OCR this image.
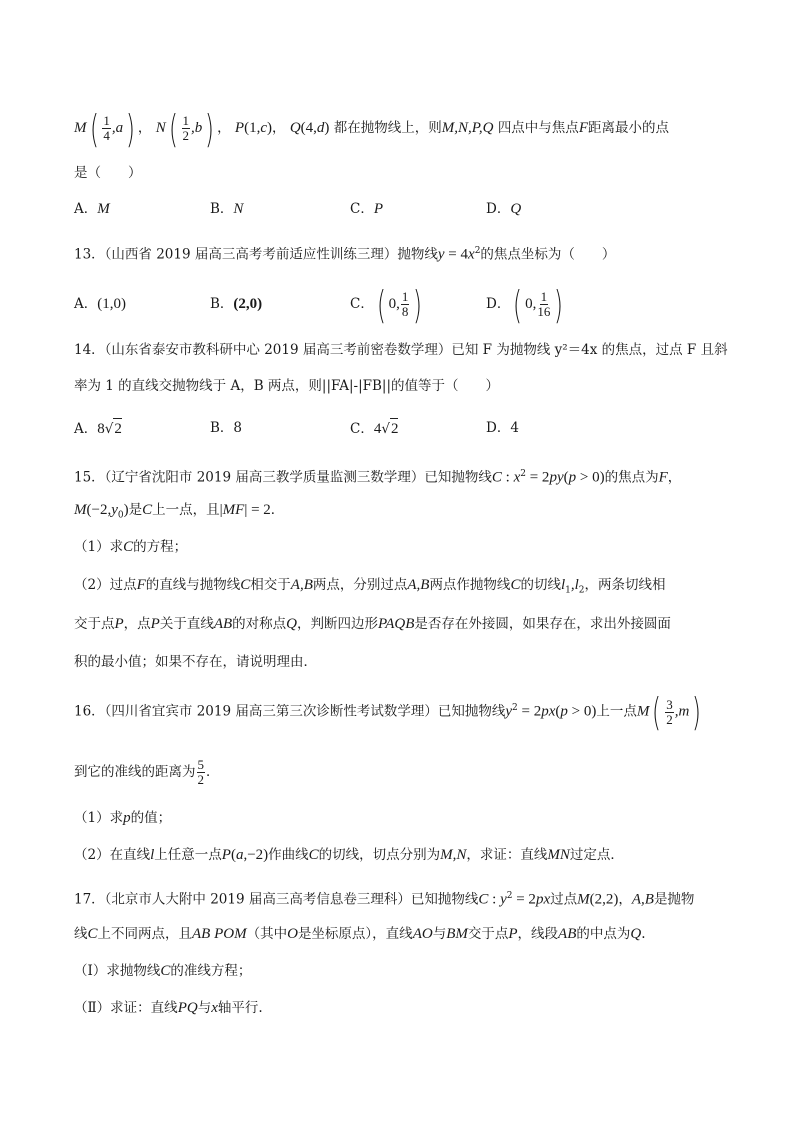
$M( \frac{1}{4} ,a)$ ， $N( \frac{1}{2} ,b)$ ， P(1,c)， Q(4,d) 都在抛物线上，则M,N,P,Q 四点中与焦点F距离最小的点
是（　　）
A．M	B．N	C．P	D．Q
13．（山西省 2019 届高三高考考前适应性训练三理）抛物线$y = 4x^2$的焦点坐标为（　　）
A．(1,0)	B．(2,0)	C．( 0, $\frac{1}{8}$ )	D．( 0, $\frac{1}{16}$ )
14．（山东省泰安市教科研中心 2019 届高三考前密卷数学理）已知 F 为抛物线 y²＝4x 的焦点，过点 F 且斜
率为 1 的直线交抛物线于 A，B 两点，则||FA|-|FB||的值等于（　　）
A．8√2	B．8	C．4√2	D．4
15．（辽宁省沈阳市 2019 届高三教学质量监测三数学理）已知抛物线C : $x^2 = 2py(p > 0)$的焦点为F，
$M(-2,y_0)$是C上一点，且|MF| = 2．
（1）求C的方程；
（2）过点F的直线与抛物线C相交于A,B两点，分别过点A,B两点作抛物线C的切线$l_1,l_2$，两条切线相
交于点P，点P关于直线AB的对称点Q，判断四边形PAQB是否存在外接圆，如果存在，求出外接圆面
积的最小值；如果不存在，请说明理由．
16．（四川省宜宾市 2019 届高三第三次诊断性考试数学理）已知抛物线$y^2 = 2px(p > 0)$上一点$M( \frac{3}{2} ,m)$
到它的准线的距离为 $\frac{5}{2}$ ．
（1）求p的值；
（2）在直线l上任意一点P(a,−2)作曲线C的切线，切点分别为M,N，求证：直线MN过定点．
17．（北京市人大附中 2019 届高三高考信息卷三理科）已知抛物线C : $y^2 = 2px$过点M(2,2)，A,B是抛物
线C上不同两点，且AB POM（其中O是坐标原点），直线AO与BM交于点P，线段AB的中点为Q.
（Ⅰ）求抛物线C的准线方程；
（Ⅱ）求证：直线PQ与x轴平行.
